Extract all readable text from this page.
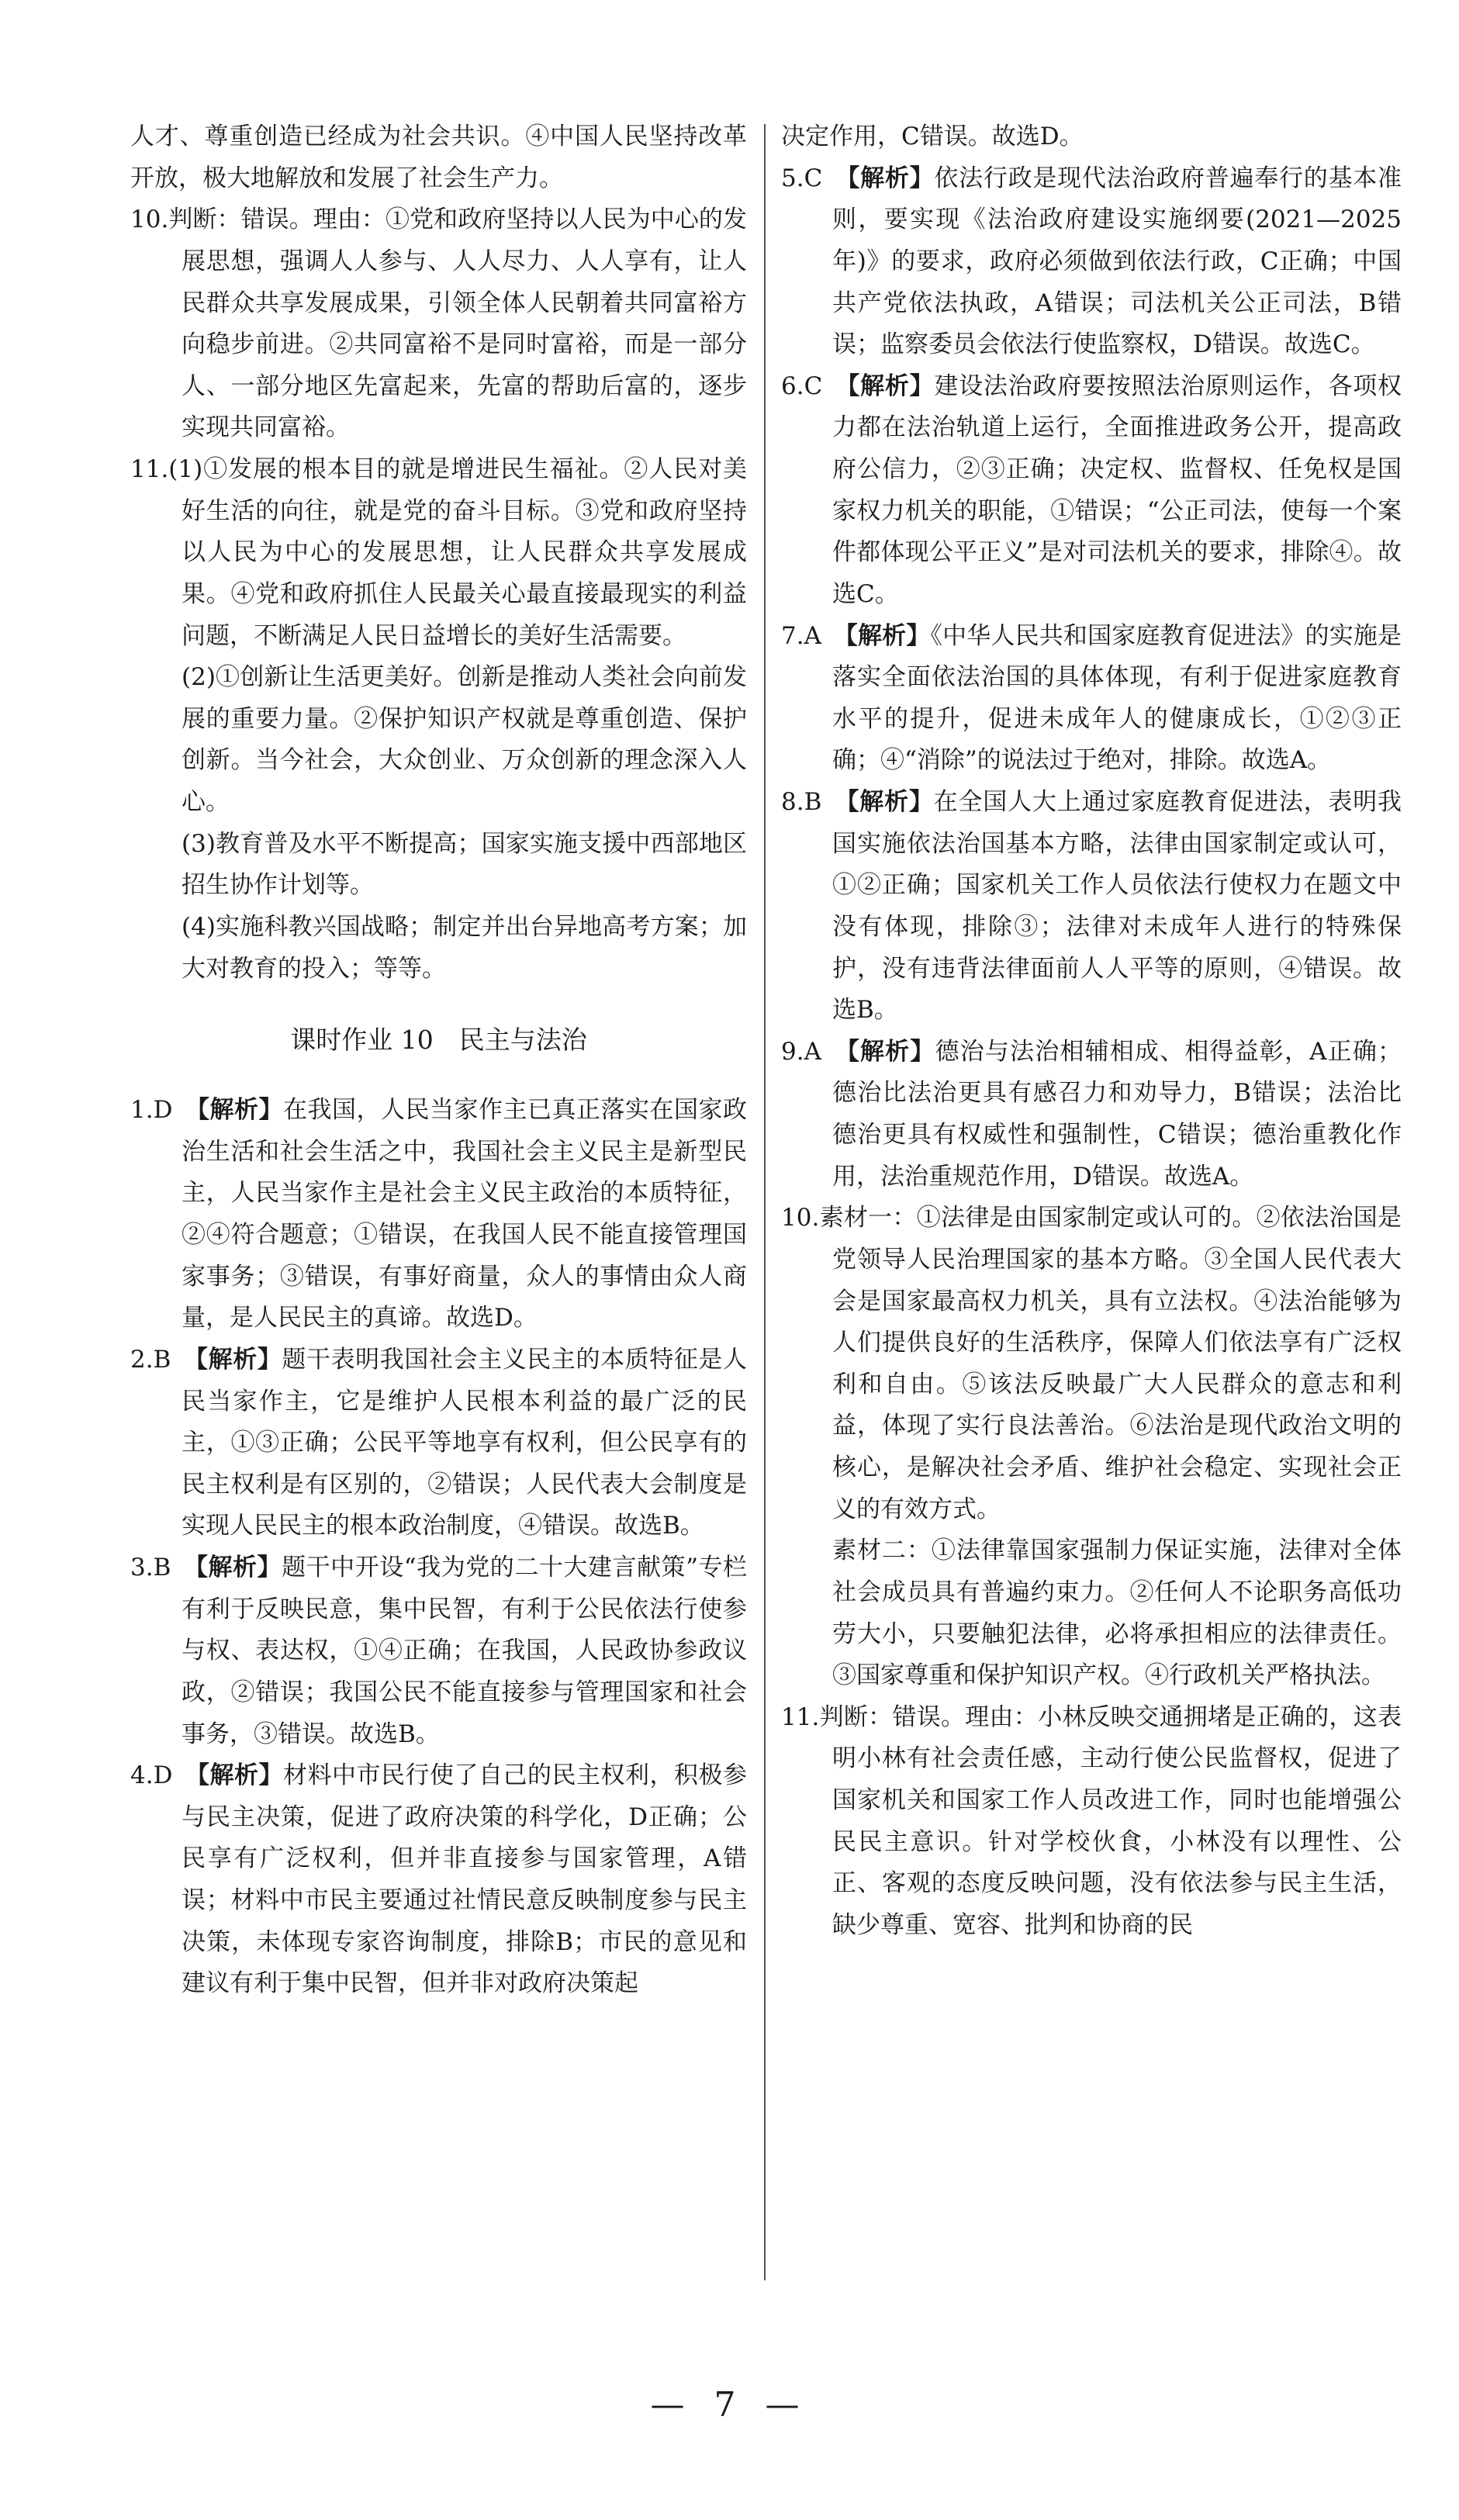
人才、尊重创造已经成为社会共识。④中国人民坚持改革开放，极大地解放和发展了社会生产力。

10.判断：错误。理由：①党和政府坚持以人民为中心的发展思想，强调人人参与、人人尽力、人人享有，让人民群众共享发展成果，引领全体人民朝着共同富裕方向稳步前进。②共同富裕不是同时富裕，而是一部分人、一部分地区先富起来，先富的帮助后富的，逐步实现共同富裕。

11.(1)①发展的根本目的就是增进民生福祉。②人民对美好生活的向往，就是党的奋斗目标。③党和政府坚持以人民为中心的发展思想，让人民群众共享发展成果。④党和政府抓住人民最关心最直接最现实的利益问题，不断满足人民日益增长的美好生活需要。

(2)①创新让生活更美好。创新是推动人类社会向前发展的重要力量。②保护知识产权就是尊重创造、保护创新。当今社会，大众创业、万众创新的理念深入人心。

(3)教育普及水平不断提高；国家实施支援中西部地区招生协作计划等。

(4)实施科教兴国战略；制定并出台异地高考方案；加大对教育的投入；等等。

课时作业 10　民主与法治

1.D　 【解析】在我国，人民当家作主已真正落实在国家政治生活和社会生活之中，我国社会主义民主是新型民主，人民当家作主是社会主义民主政治的本质特征，②④符合题意；①错误，在我国人民不能直接管理国家事务；③错误，有事好商量，众人的事情由众人商量，是人民民主的真谛。故选D。

2.B　 【解析】题干表明我国社会主义民主的本质特征是人民当家作主，它是维护人民根本利益的最广泛的民主，①③正确；公民平等地享有权利，但公民享有的民主权利是有区别的，②错误；人民代表大会制度是实现人民民主的根本政治制度，④错误。故选B。

3.B　 【解析】题干中开设“我为党的二十大建言献策”专栏有利于反映民意，集中民智，有利于公民依法行使参与权、表达权，①④正确；在我国，人民政协参政议政，②错误；我国公民不能直接参与管理国家和社会事务，③错误。故选B。

4.D　 【解析】材料中市民行使了自己的民主权利，积极参与民主决策，促进了政府决策的科学化，D正确；公民享有广泛权利，但并非直接参与国家管理，A错误；材料中市民主要通过社情民意反映制度参与民主决策，未体现专家咨询制度，排除B；市民的意见和建议有利于集中民智，但并非对政府决策起

决定作用，C错误。故选D。

5.C　 【解析】依法行政是现代法治政府普遍奉行的基本准则，要实现《法治政府建设实施纲要(2021—2025年)》的要求，政府必须做到依法行政，C正确；中国共产党依法执政，A错误；司法机关公正司法，B错误；监察委员会依法行使监察权，D错误。故选C。

6.C　 【解析】建设法治政府要按照法治原则运作，各项权力都在法治轨道上运行，全面推进政务公开，提高政府公信力，②③正确；决定权、监督权、任免权是国家权力机关的职能，①错误；“公正司法，使每一个案件都体现公平正义”是对司法机关的要求，排除④。故选C。

7.A　 【解析】《中华人民共和国家庭教育促进法》的实施是落实全面依法治国的具体体现，有利于促进家庭教育水平的提升，促进未成年人的健康成长，①②③正确；④“消除”的说法过于绝对，排除。故选A。

8.B　 【解析】在全国人大上通过家庭教育促进法，表明我国实施依法治国基本方略，法律由国家制定或认可，①②正确；国家机关工作人员依法行使权力在题文中没有体现，排除③；法律对未成年人进行的特殊保护，没有违背法律面前人人平等的原则，④错误。故选B。

9.A　 【解析】德治与法治相辅相成、相得益彰，A正确；德治比法治更具有感召力和劝导力，B错误；法治比德治更具有权威性和强制性，C错误；德治重教化作用，法治重规范作用，D错误。故选A。

10.素材一：①法律是由国家制定或认可的。②依法治国是党领导人民治理国家的基本方略。③全国人民代表大会是国家最高权力机关，具有立法权。④法治能够为人们提供良好的生活秩序，保障人们依法享有广泛权利和自由。⑤该法反映最广大人民群众的意志和利益，体现了实行良法善治。⑥法治是现代政治文明的核心，是解决社会矛盾、维护社会稳定、实现社会正义的有效方式。

素材二：①法律靠国家强制力保证实施，法律对全体社会成员具有普遍约束力。②任何人不论职务高低功劳大小，只要触犯法律，必将承担相应的法律责任。③国家尊重和保护知识产权。④行政机关严格执法。

11.判断：错误。理由：小林反映交通拥堵是正确的，这表明小林有社会责任感，主动行使公民监督权，促进了国家机关和国家工作人员改进工作，同时也能增强公民民主意识。针对学校伙食，小林没有以理性、公正、客观的态度反映问题，没有依法参与民主生活，缺少尊重、宽容、批判和协商的民

— 7 —
